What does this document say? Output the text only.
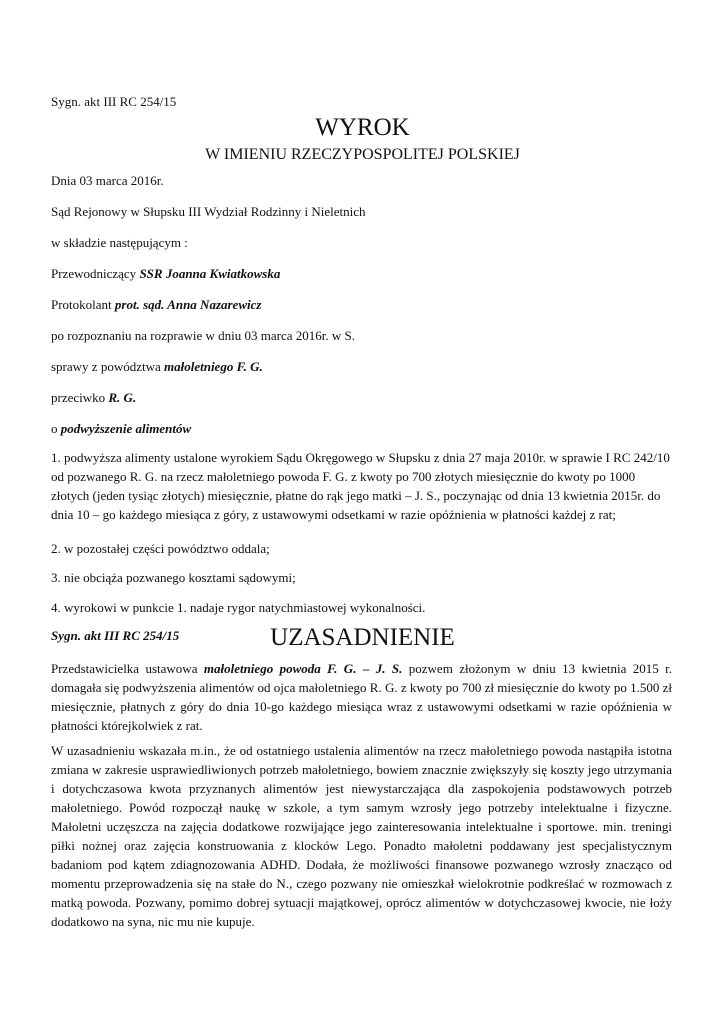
Sygn. akt III RC 254/15
WYROK
W IMIENIU RZECZYPOSPOLITEJ POLSKIEJ
Dnia 03 marca 2016r.
Sąd Rejonowy w Słupsku III Wydział Rodzinny i Nieletnich
w składzie następującym :
Przewodniczący SSR Joanna Kwiatkowska
Protokolant prot. sąd. Anna Nazarewicz
po rozpoznaniu na rozprawie w dniu 03 marca 2016r. w S.
sprawy z powództwa małoletniego F. G.
przeciwko R. G.
o podwyższenie alimentów

1. podwyższa alimenty ustalone wyrokiem Sądu Okręgowego w Słupsku z dnia 27 maja 2010r. w sprawie I RC 242/10 od pozwanego R. G. na rzecz małoletniego powoda F. G. z kwoty po 700 złotych miesięcznie do kwoty po 1000 złotych (jeden tysiąc złotych) miesięcznie, płatne do rąk jego matki – J. S., poczynając od dnia 13 kwietnia 2015r. do dnia 10 – go każdego miesiąca z góry, z ustawowymi odsetkami w razie opóźnienia w płatności każdej z rat;

2. w pozostałej części powództwo oddala;
3. nie obciąża pozwanego kosztami sądowymi;
4. wyrokowi w punkcie 1. nadaje rygor natychmiastowej wykonalności.
Sygn. akt III RC 254/15	UZASADNIENIE

Przedstawicielka ustawowa małoletniego powoda F. G. – J. S. pozwem złożonym w dniu 13 kwietnia 2015 r. domagała się podwyższenia alimentów od ojca małoletniego R. G. z kwoty po 700 zł miesięcznie do kwoty po 1.500 zł miesięcznie, płatnych z góry do dnia 10-go każdego miesiąca wraz z ustawowymi odsetkami w razie opóźnienia w płatności którejkolwiek z rat.

W uzasadnieniu wskazała m.in., że od ostatniego ustalenia alimentów na rzecz małoletniego powoda nastąpiła istotna zmiana w zakresie usprawiedliwionych potrzeb małoletniego, bowiem znacznie zwiększyły się koszty jego utrzymania i dotychczasowa kwota przyznanych alimentów jest niewystarczająca dla zaspokojenia podstawowych potrzeb małoletniego. Powód rozpoczął naukę w szkole, a tym samym wzrosły jego potrzeby intelektualne i fizyczne. Małoletni uczęszcza na zajęcia dodatkowe rozwijające jego zainteresowania intelektualne i sportowe. min. treningi piłki nożnej oraz zajęcia konstruowania z klocków Lego. Ponadto małoletni poddawany jest specjalistycznym badaniom pod kątem zdiagnozowania ADHD. Dodała, że możliwości finansowe pozwanego wzrosły znacząco od momentu przeprowadzenia się na stałe do N., czego pozwany nie omieszkał wielokrotnie podkreślać w rozmowach z matką powoda. Pozwany, pomimo dobrej sytuacji majątkowej, oprócz alimentów w dotychczasowej kwocie, nie łoży dodatkowo na syna, nic mu nie kupuje.
